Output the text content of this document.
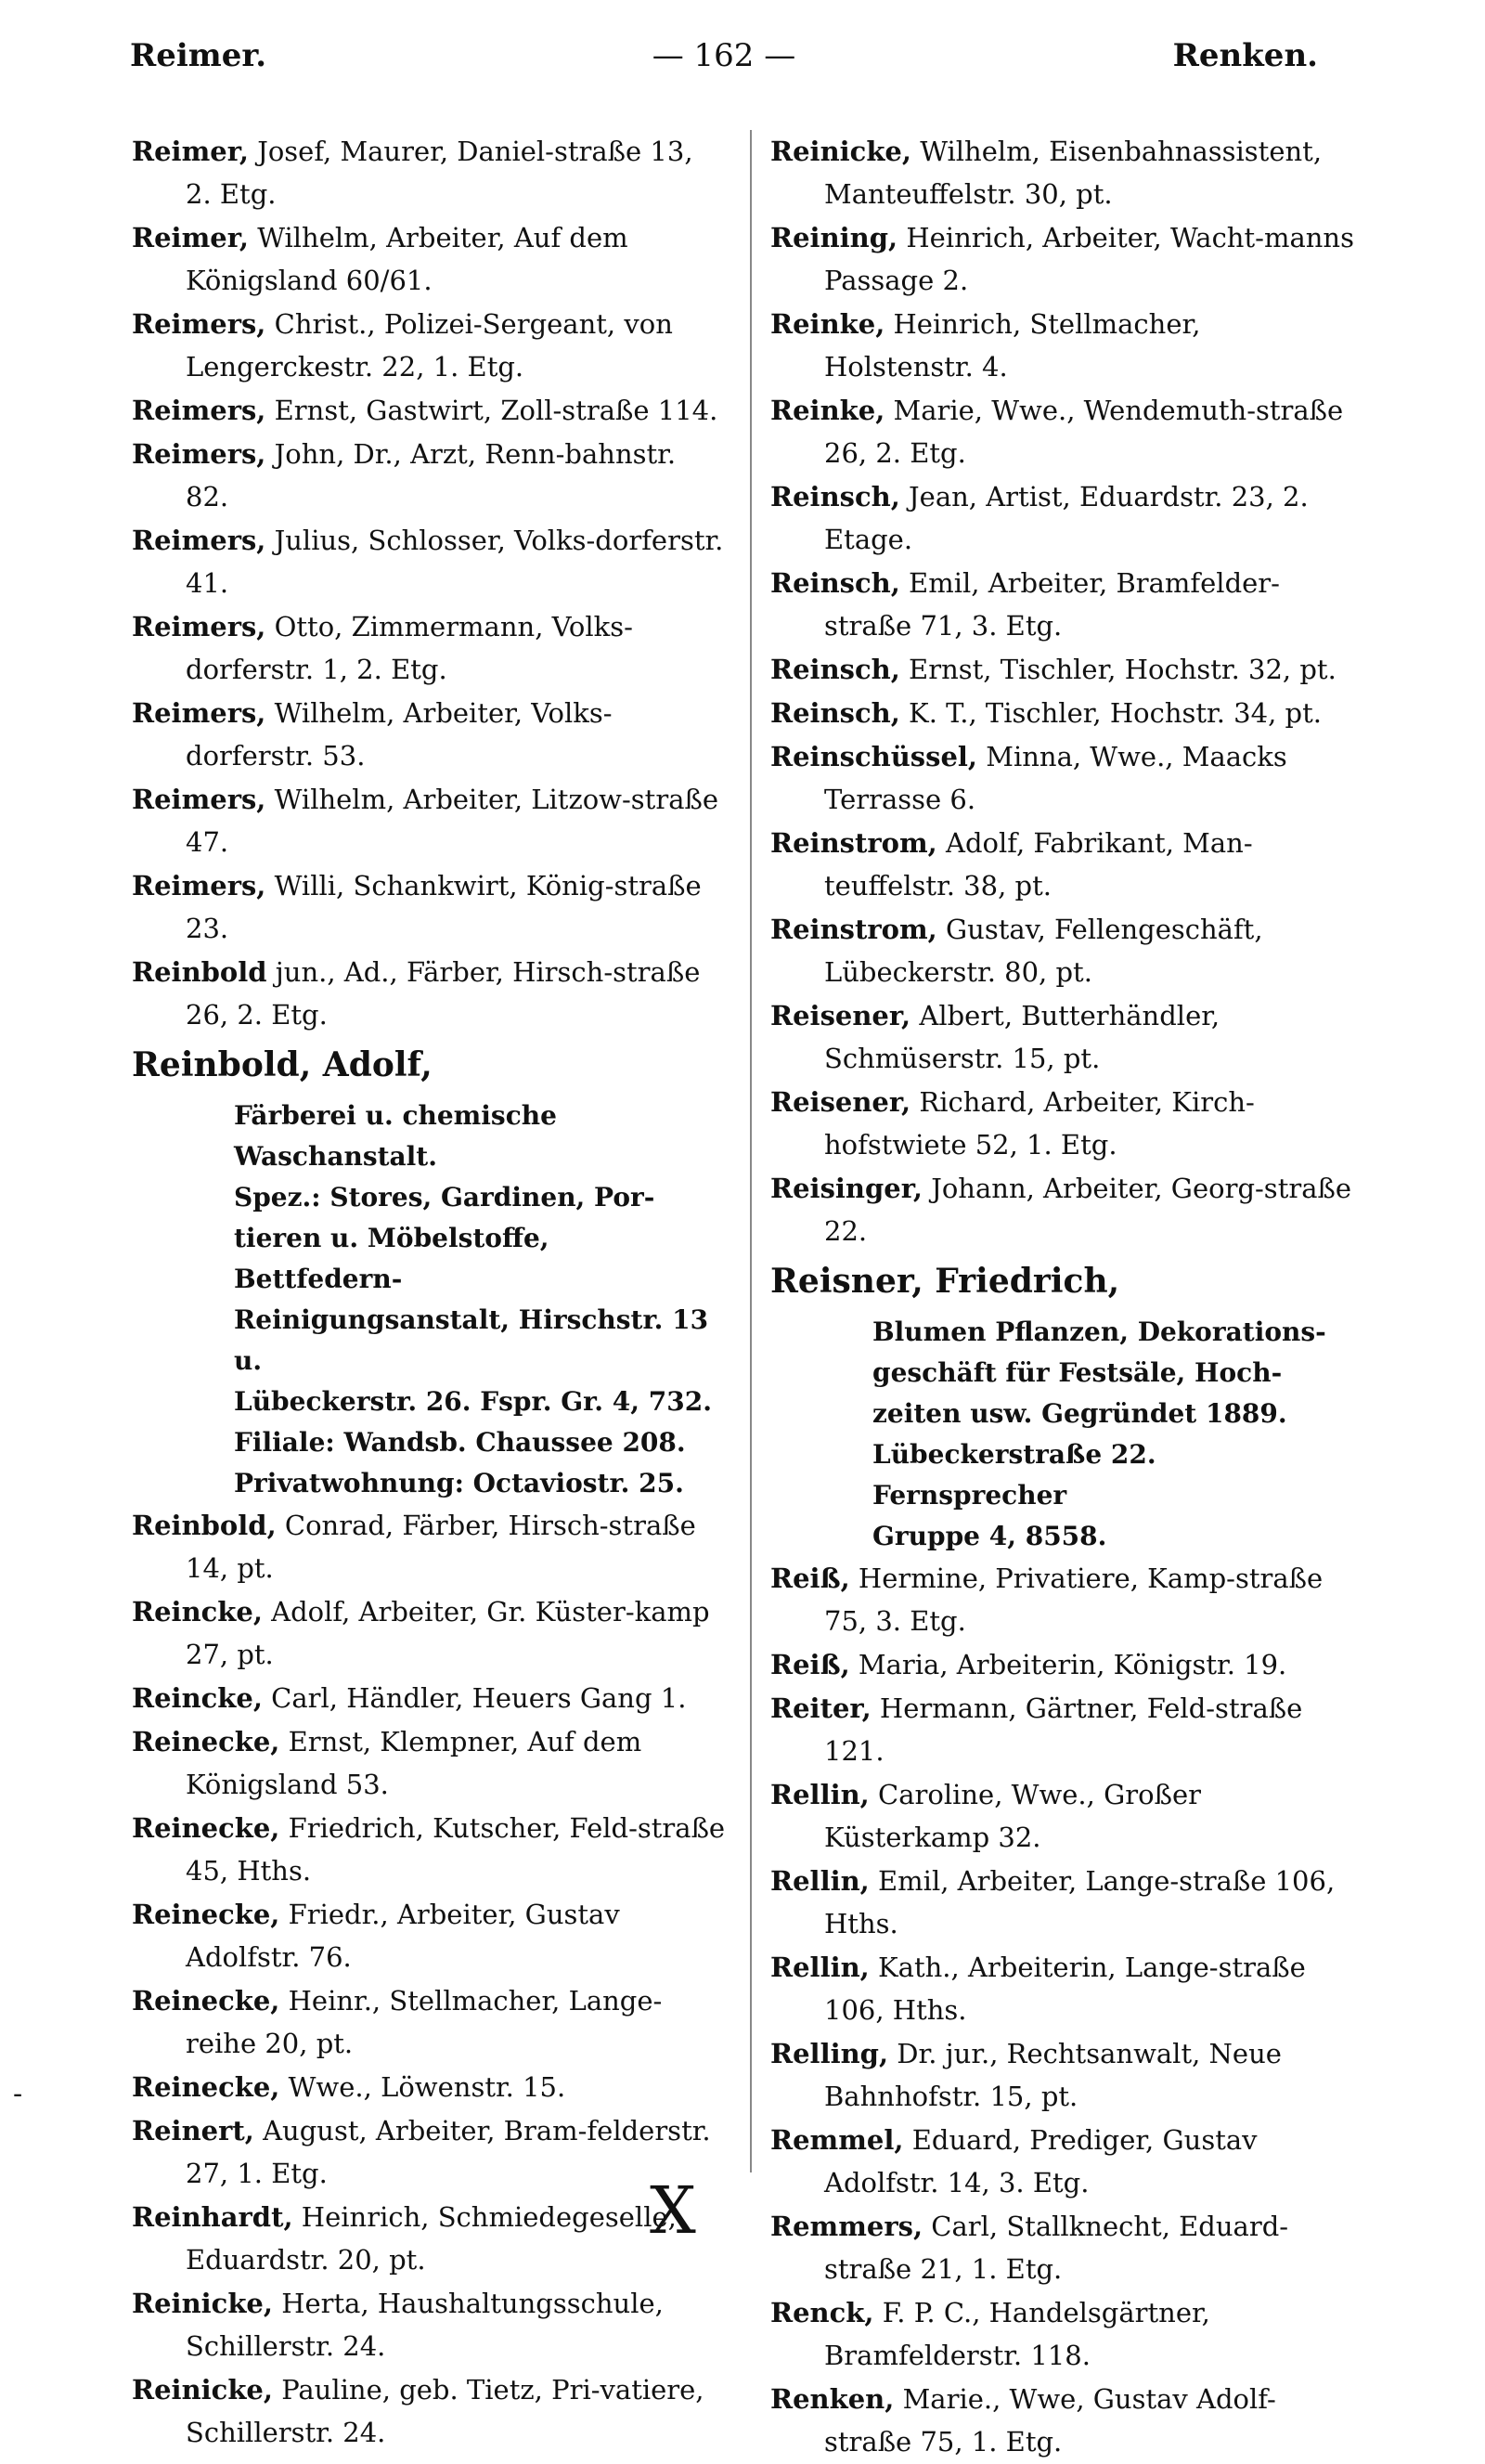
Reimer.	— 162 —	Renken.
Reimer, Josef, Maurer, Daniel-straße 13, 2. Etg.
Reimer, Wilhelm, Arbeiter, Auf dem Königsland 60/61.
Reimers, Christ., Polizei-Sergeant, von Lengerckestr. 22, 1. Etg.
Reimers, Ernst, Gastwirt, Zoll-straße 114.
Reimers, John, Dr., Arzt, Renn-bahnstr. 82.
Reimers, Julius, Schlosser, Volks-dorferstr. 41.
Reimers, Otto, Zimmermann, Volks-dorferstr. 1, 2. Etg.
Reimers, Wilhelm, Arbeiter, Volks-dorferstr. 53.
Reimers, Wilhelm, Arbeiter, Litzow-straße 47.
Reimers, Willi, Schankwirt, König-straße 23.
Reinbold jun., Ad., Färber, Hirsch-straße 26, 2. Etg.
Reinbold, Adolf,
Färberei u. chemische Waschanstalt.
Spez.: Stores, Gardinen, Por-
tieren u. Möbelstoffe, Bettfedern-
Reinigungsanstalt, Hirschstr. 13 u.
Lübeckerstr. 26. Fspr. Gr. 4, 732.
Filiale: Wandsb. Chaussee 208.
Privatwohnung: Octaviostr. 25.
Reinbold, Conrad, Färber, Hirsch-straße 14, pt.
Reincke, Adolf, Arbeiter, Gr. Küster-kamp 27, pt.
Reincke, Carl, Händler, Heuers Gang 1.
Reinecke, Ernst, Klempner, Auf dem Königsland 53.
Reinecke, Friedrich, Kutscher, Feld-straße 45, Hths.
Reinecke, Friedr., Arbeiter, Gustav Adolfstr. 76.
Reinecke, Heinr., Stellmacher, Lange-reihe 20, pt.
Reinecke, Wwe., Löwenstr. 15.
Reinert, August, Arbeiter, Bram-felderstr. 27, 1. Etg.
Reinhardt, Heinrich, Schmiedegeselle, Eduardstr. 20, pt.
Reinicke, Herta, Haushaltungsschule, Schillerstr. 24.
Reinicke, Pauline, geb. Tietz, Pri-vatiere, Schillerstr. 24.
Reinicke, Wilhelm, Eisenbahnassistent, Manteuffelstr. 30, pt.
Reining, Heinrich, Arbeiter, Wacht-manns Passage 2.
Reinke, Heinrich, Stellmacher, Holstenstr. 4.
Reinke, Marie, Wwe., Wendemuth-straße 26, 2. Etg.
Reinsch, Jean, Artist, Eduardstr. 23, 2. Etage.
Reinsch, Emil, Arbeiter, Bramfelder-straße 71, 3. Etg.
Reinsch, Ernst, Tischler, Hochstr. 32, pt.
Reinsch, K. T., Tischler, Hochstr. 34, pt.
Reinschüssel, Minna, Wwe., Maacks Terrasse 6.
Reinstrom, Adolf, Fabrikant, Man-teuffelstr. 38, pt.
Reinstrom, Gustav, Fellengeschäft, Lübeckerstr. 80, pt.
Reisener, Albert, Butterhändler, Schmüserstr. 15, pt.
Reisener, Richard, Arbeiter, Kirch-hofstwiete 52, 1. Etg.
Reisinger, Johann, Arbeiter, Georg-straße 22.
Reisner, Friedrich,
Blumen Pflanzen, Dekorations-
geschäft für Festsäle, Hoch-
zeiten usw. Gegründet 1889.
Lübeckerstraße 22. Fernsprecher
Gruppe 4, 8558.
Reiß, Hermine, Privatiere, Kamp-straße 75, 3. Etg.
Reiß, Maria, Arbeiterin, Königstr. 19.
Reiter, Hermann, Gärtner, Feld-straße 121.
Rellin, Caroline, Wwe., Großer Küsterkamp 32.
Rellin, Emil, Arbeiter, Lange-straße 106, Hths.
Rellin, Kath., Arbeiterin, Lange-straße 106, Hths.
Relling, Dr. jur., Rechtsanwalt, Neue Bahnhofstr. 15, pt.
Remmel, Eduard, Prediger, Gustav Adolfstr. 14, 3. Etg.
Remmers, Carl, Stallknecht, Eduard-straße 21, 1. Etg.
Renck, F. P. C., Handelsgärtner, Bramfelderstr. 118.
Renken, Marie., Wwe, Gustav Adolf-straße 75, 1. Etg.
X
-
